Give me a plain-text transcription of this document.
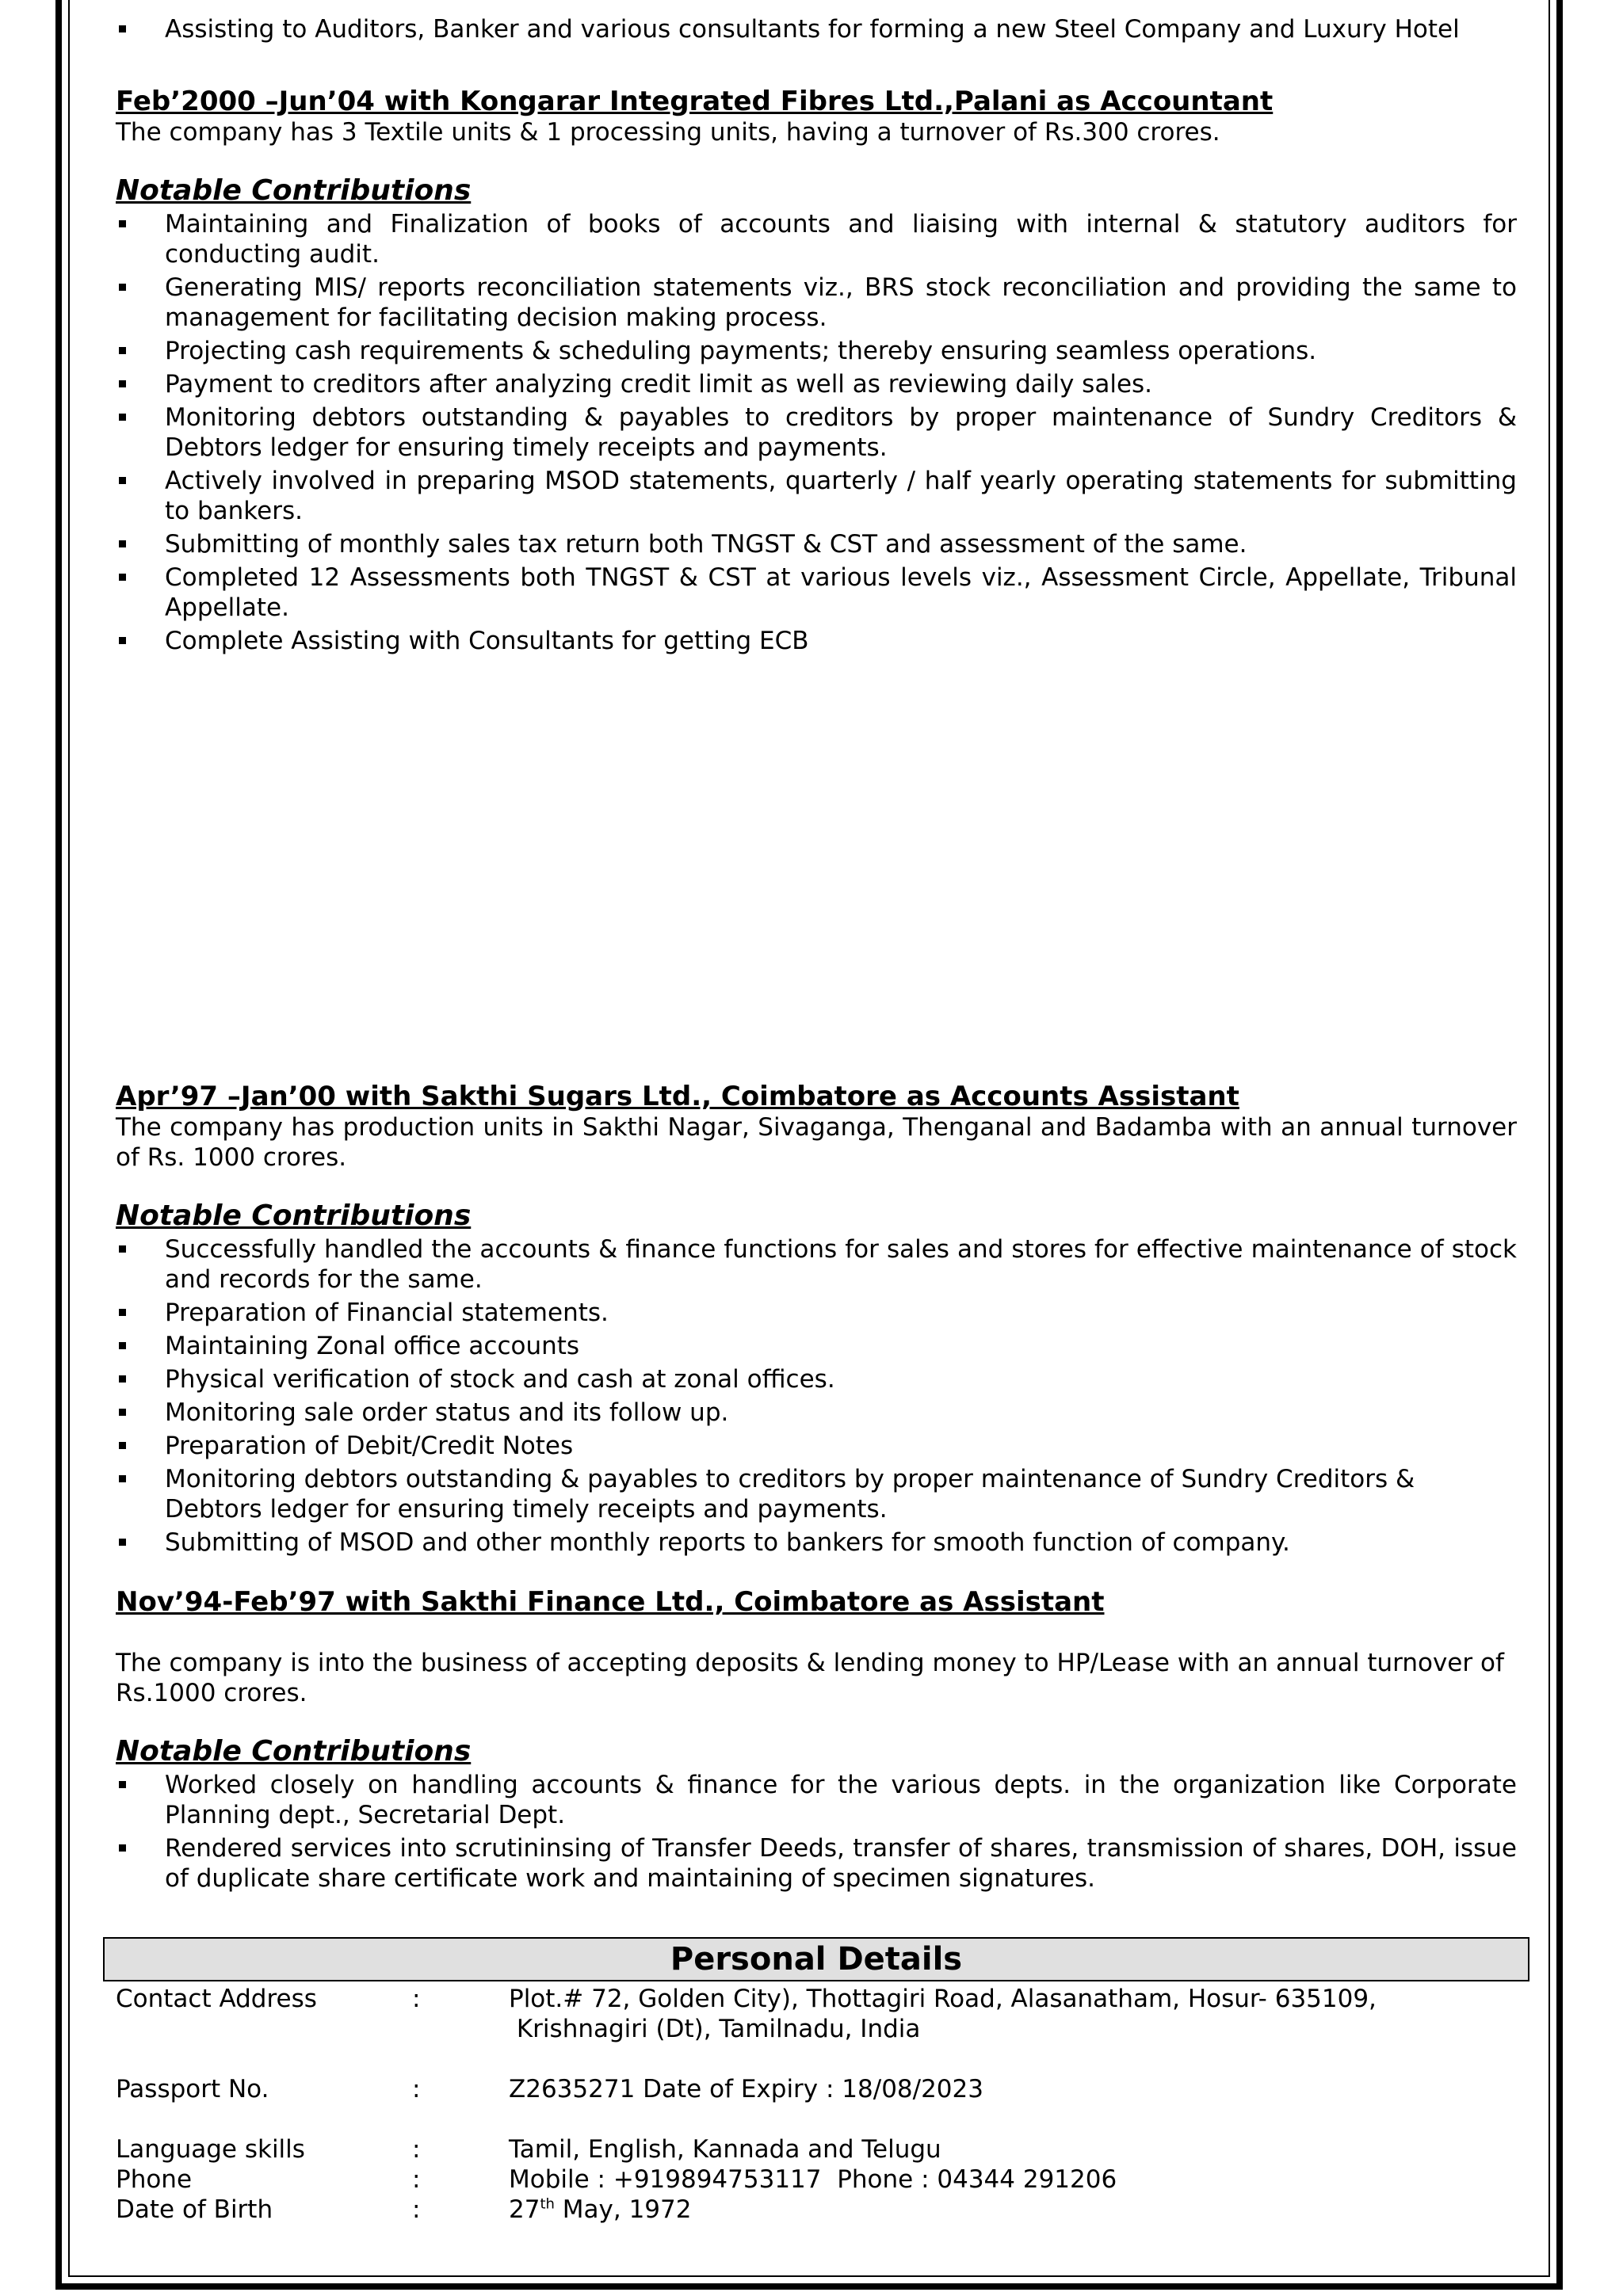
Assisting to Auditors, Banker and various consultants for forming a new Steel Company and Luxury Hotel

Feb’2000 –Jun’04 with Kongarar Integrated Fibres Ltd.,Palani as Accountant

The company has 3 Textile units & 1 processing units, having a turnover of Rs.300 crores.

Notable Contributions

Maintaining and Finalization of books of accounts and liaising with internal & statutory auditors for conducting audit.
Generating MIS/ reports reconciliation statements viz., BRS stock reconciliation and providing the same to management for facilitating decision making process.
Projecting cash requirements & scheduling payments; thereby ensuring seamless operations.
Payment to creditors after analyzing credit limit as well as reviewing daily sales.
Monitoring debtors outstanding & payables to creditors by proper maintenance of Sundry Creditors & Debtors ledger for ensuring timely receipts and payments.
Actively involved in preparing MSOD statements, quarterly / half yearly operating statements for submitting to bankers.
Submitting of monthly sales tax return both TNGST & CST and assessment of the same.
Completed 12 Assessments both TNGST & CST at various levels viz., Assessment Circle, Appellate, Tribunal Appellate.
Complete Assisting with Consultants for getting ECB

Apr’97 –Jan’00 with Sakthi Sugars Ltd., Coimbatore as Accounts Assistant

The company has production units in Sakthi Nagar, Sivaganga, Thenganal and Badamba with an annual turnover of Rs. 1000 crores.

Notable Contributions

Successfully handled the accounts & finance functions for sales and stores for effective maintenance of stock and records for the same.
Preparation of Financial statements.
Maintaining Zonal office accounts
Physical verification of stock and cash at zonal offices.
Monitoring sale order status and its follow up.
Preparation of Debit/Credit Notes
Monitoring debtors outstanding & payables to creditors by proper maintenance of Sundry Creditors & Debtors ledger for ensuring timely receipts and payments.
Submitting of MSOD and other monthly reports to bankers for smooth function of company.

Nov’94-Feb’97 with Sakthi Finance Ltd., Coimbatore as Assistant

The company is into the business of accepting deposits & lending money to HP/Lease with an annual turnover of Rs.1000 crores.

Notable Contributions

Worked closely on handling accounts & finance for the various depts. in the organization like Corporate Planning dept., Secretarial Dept.
Rendered services into scrutininsing of Transfer Deeds, transfer of shares, transmission of shares, DOH, issue of duplicate share certificate work and maintaining of specimen signatures.
Personal Details
Contact Address	:	Plot.# 72, Golden City), Thottagiri Road, Alasanatham, Hosur- 635109,
Krishnagiri (Dt), Tamilnadu, India
Passport No.	:	Z2635271 Date of Expiry : 18/08/2023
Language skills	:	Tamil, English, Kannada and Telugu
Phone	:	Mobile : +919894753117  Phone : 04344 291206
Date of Birth	:	27th May, 1972
